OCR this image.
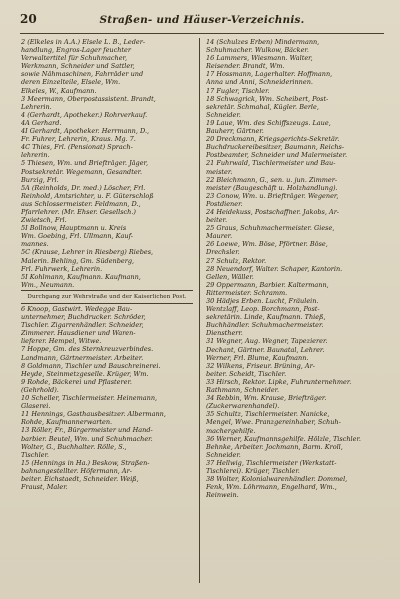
20	Straßen- und Häuser-Verzeichnis.
2 (Elkeles in A.A.) Elsele L. B., Leder-
handlung, Engros-Lager feuchter
Verwaltertitel für Schuhmacher,
Werkmann, Schneider und Sattler,
sowie Nähmaschinen, Fahrräder und
deren Einzelteile, Elsele, Wm.
Elkeles, W., Kaufmann.
3 Meermann, Oberpostassistent. Brandt,
Lehrerin.
4 (Gerhardt, Apotheker.) Rohrverkauf.
4A Gerhard.
4I Gerhardt, Apotheker. Herrmann, D.,
Fr. Fuhrer, Lehrerin, Kraus. Mg. 7.
4C Thies, Frl. (Pensionat) Sprach-
lehrerin.
5 Thiesen, Wm. und Briefträger. Jäger,
Postsekretär. Wegemann, Gesandter.
Burzig, Frl.
5A (Reinholds, Dr. med.) Löscher, Frl.
Reinhold, Amtsrichter, u. F. Güterschloß
aus Schlossermeister. Feldmann, D.,
Pfarrlehrer. (Mr. Ehser. Gesellsch.)
Zwietsch, Frl.
5I Bollnow, Hauptmann u. Kreis
Wm. Goebing, Frl. Ullmann, Kauf-
mannes.
5C (Krause, Lehrer in Riesberg) Riebes,
Malerin. Behling, Gm. Südenberg,
Frl. Fuhrwerk, Lehrerin.
5I Kohlmann, Kaufmann. Kaufmann,
Wm., Neumann.
Durchgang zur Wehrstraße und der Kaiserlichen Post.
6 Knoop, Gastwirt. Wedegge Bau-
unternehmer, Buchdrucker. Schröder,
Tischler. Zigarrenhändler. Schneider,
Zimmerer. Hausdiener und Waren-
lieferer. Hempel, Witwe.
7 Hoppe, Gm. des Sternkreuzverbindes.
Landmann, Gärtnermeister. Arbeiter.
8 Goldmann, Tischler und Bauschreinerei.
Heyde, Steinmetzgeselle. Krüger, Wm.
9 Rohde, Bäckerei und Pflasterer.
(Gehrhold).
10 Scheller, Tischlermeister. Heinemann,
Glaserei.
11 Hennings, Gasthausbesitzer. Albermann,
Rohde, Kaufmannerwarten.
13 Röller, Fr., Bürgermeister und Hand-
barbier. Beutel, Wm. und Schuhmacher.
Wolter, G., Buchhalter. Rölle, S.,
Tischler.
15 (Hennings in Ha.) Beskow, Straßen-
bahnangestellter. Höfermann, Ar-
beiter. Eichstaedt, Schneider. Weiß,
Fraust, Maler.
14 (Schulzes Erben) Mindermann,
Schuhmacher. Wulkow, Bäcker.
16 Lammers, Wiesmann. Walter,
Reisender. Brandt, Wm.
17 Hossmann, Lagerhalter. Hoffmann,
Anna und Anni, Schneiderinnen.
17 Fugler, Tischler.
18 Schwagrick, Wm. Scheibert, Post-
sekretär. Schmahal, Kügler. Berle,
Schneider.
19 Laue, Wm. des Schiffszeugs. Laue,
Bauherr, Gärtner.
20 Dreckmann, Kriegsgerichts-Sekretär.
Buchdruckereibesitzer, Baumann, Reichs-
Postbeamter, Schneider und Malermeister.
21 Fuhrwald, Tischlermeister und Bau-
meister.
22 Bleichmann, G., sen. u. jun. Zimmer-
meister (Baugeschäft u. Holzhandlung).
23 Conow, Wm. u. Briefträger. Wegener,
Postdiener.
24 Heidekuss, Postschaffner. Jakobs, Ar-
beiter.
25 Graus, Schuhmachermeister. Giese,
Maurer.
26 Loewe, Wm. Böse, Pförtner. Böse,
Drechsler.
27 Schulz, Rektor.
28 Neuendorf, Walter. Schaper, Kantorin.
Gellen, Wäller.
29 Oppermann, Barbier. Kaltermann,
Rittermeister. Schramm.
30 Hädjes Erben. Lucht, Fräulein.
Wentzlaff, Leop. Borchmann, Post-
sekretärin. Linde, Kaufmann. Thieß,
Buchhändler. Schuhmachermeister.
Dienstherr.
31 Wegner, Aug. Wegner, Tapezierer.
Dechant, Gärtner. Baunatal, Lehrer.
Werner, Frl. Blume, Kaufmann.
32 Wilkens, Friseur. Brüning, Ar-
beiter. Scheidt, Tischler.
33 Hirsch, Rektor. Lipke, Fuhrunternehmer.
Rathmann, Schneider.
34 Rebbin, Wm. Krause, Briefträger.
(Zuckerwarenhandel).
35 Schultz, Tischlermeister. Nanicke,
Mengel, Wwe. Pranzgereinhaber, Schuh-
machergehilfe.
36 Werner, Kaufmannsgehilfe. Hölzle, Tischler.
Behnke, Arbeiter. Jochmann, Barm. Kroll,
Schneider.
37 Hellwig, Tischlermeister (Werkstatt-
Tischlerei). Krüger, Tischler.
38 Wolter, Kolonialwarenhändler. Dommel,
Fenk, Wm. Löhrmann, Engelhard, Wm.,
Reinwein.
